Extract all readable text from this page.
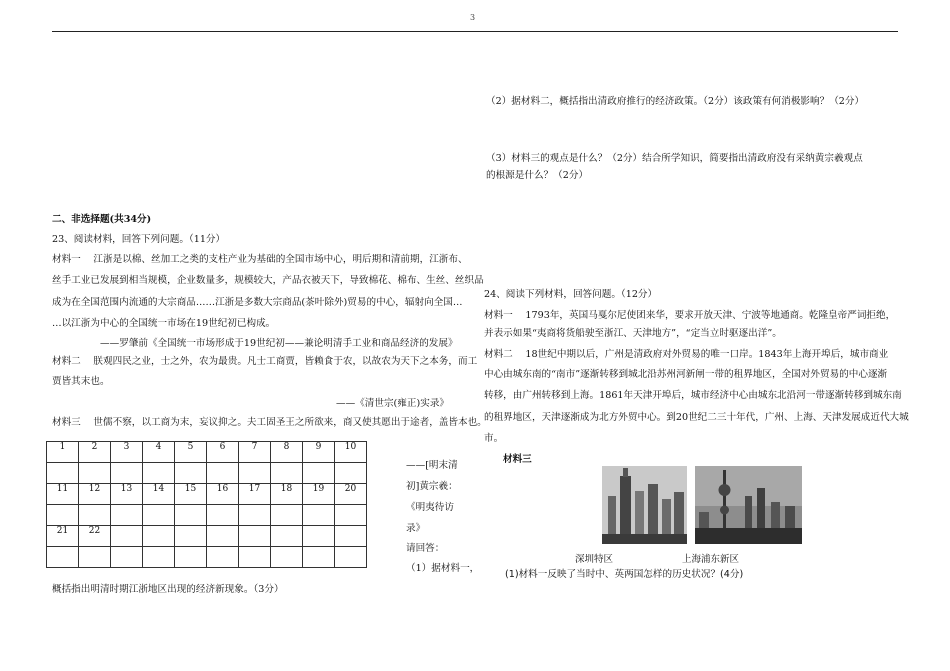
3
（2）据材料二，概括指出清政府推行的经济政策。（2分）该政策有何消极影响？（2分）
（3）材料三的观点是什么？（2分）结合所学知识，简要指出清政府没有采纳黄宗羲观点
的根源是什么？（2分）
二、非选择题(共34分)
23、阅读材料，回答下列问题。（11分）
材料一　 江浙是以棉、丝加工之类的支柱产业为基础的全国市场中心，明后期和清前期，江浙布、
丝手工业已发展到相当规模，企业数量多，规模较大，产品衣被天下，导致棉花、棉布、生丝、丝织品
成为在全国范围内流通的大宗商品……江浙是多数大宗商品(茶叶除外)贸易的中心，辐射向全国…
…以江浙为中心的全国统一市场在19世纪初已构成。
——罗肇前《全国统一市场形成于19世纪初——兼论明清手工业和商品经济的发展》
材料二　 朕观四民之业，士之外，农为最贵。凡士工商贾，皆赖食于农，以故农为天下之本务，而工
贾皆其末也。
——《清世宗(雍正)实录》
材料三　 世儒不察，以工商为末，妄议抑之。夫工固圣王之所欲来，商又使其愿出于途者，盖皆本也。
1	2	3	4	5	6	7	8	9	10

11	12	13	14	15	16	17	18	19	20

21	22								

——[明末清
初]黄宗羲：
《明夷待访
录》
请回答：
（1）据材料一，
概括指出明清时期江浙地区出现的经济新现象。（3分）
24、阅读下列材料，回答问题。（12分）
材料一　 1793年，英国马戛尔尼使团来华，要求开放天津、宁波等地通商。乾隆皇帝严词拒绝，
并表示如果“夷商将货船驶至浙江、天津地方”，“定当立时驱逐出洋”。
材料二　 18世纪中期以后，广州是清政府对外贸易的唯一口岸。1843年上海开埠后，城市商业
中心由城东南的“南市”逐渐转移到城北沿苏州河新闸一带的租界地区，全国对外贸易的中心逐渐
转移，由广州转移到上海。1861年天津开埠后，城市经济中心由城东北沿河一带逐渐转移到城东南
的租界地区，天津逐渐成为北方外贸中心。到20世纪二三十年代，广州、上海、天津发展成近代大城
市。
材料三
深圳特区	上海浦东新区
(1)材料一反映了当时中、英两国怎样的历史状况？(4分)
